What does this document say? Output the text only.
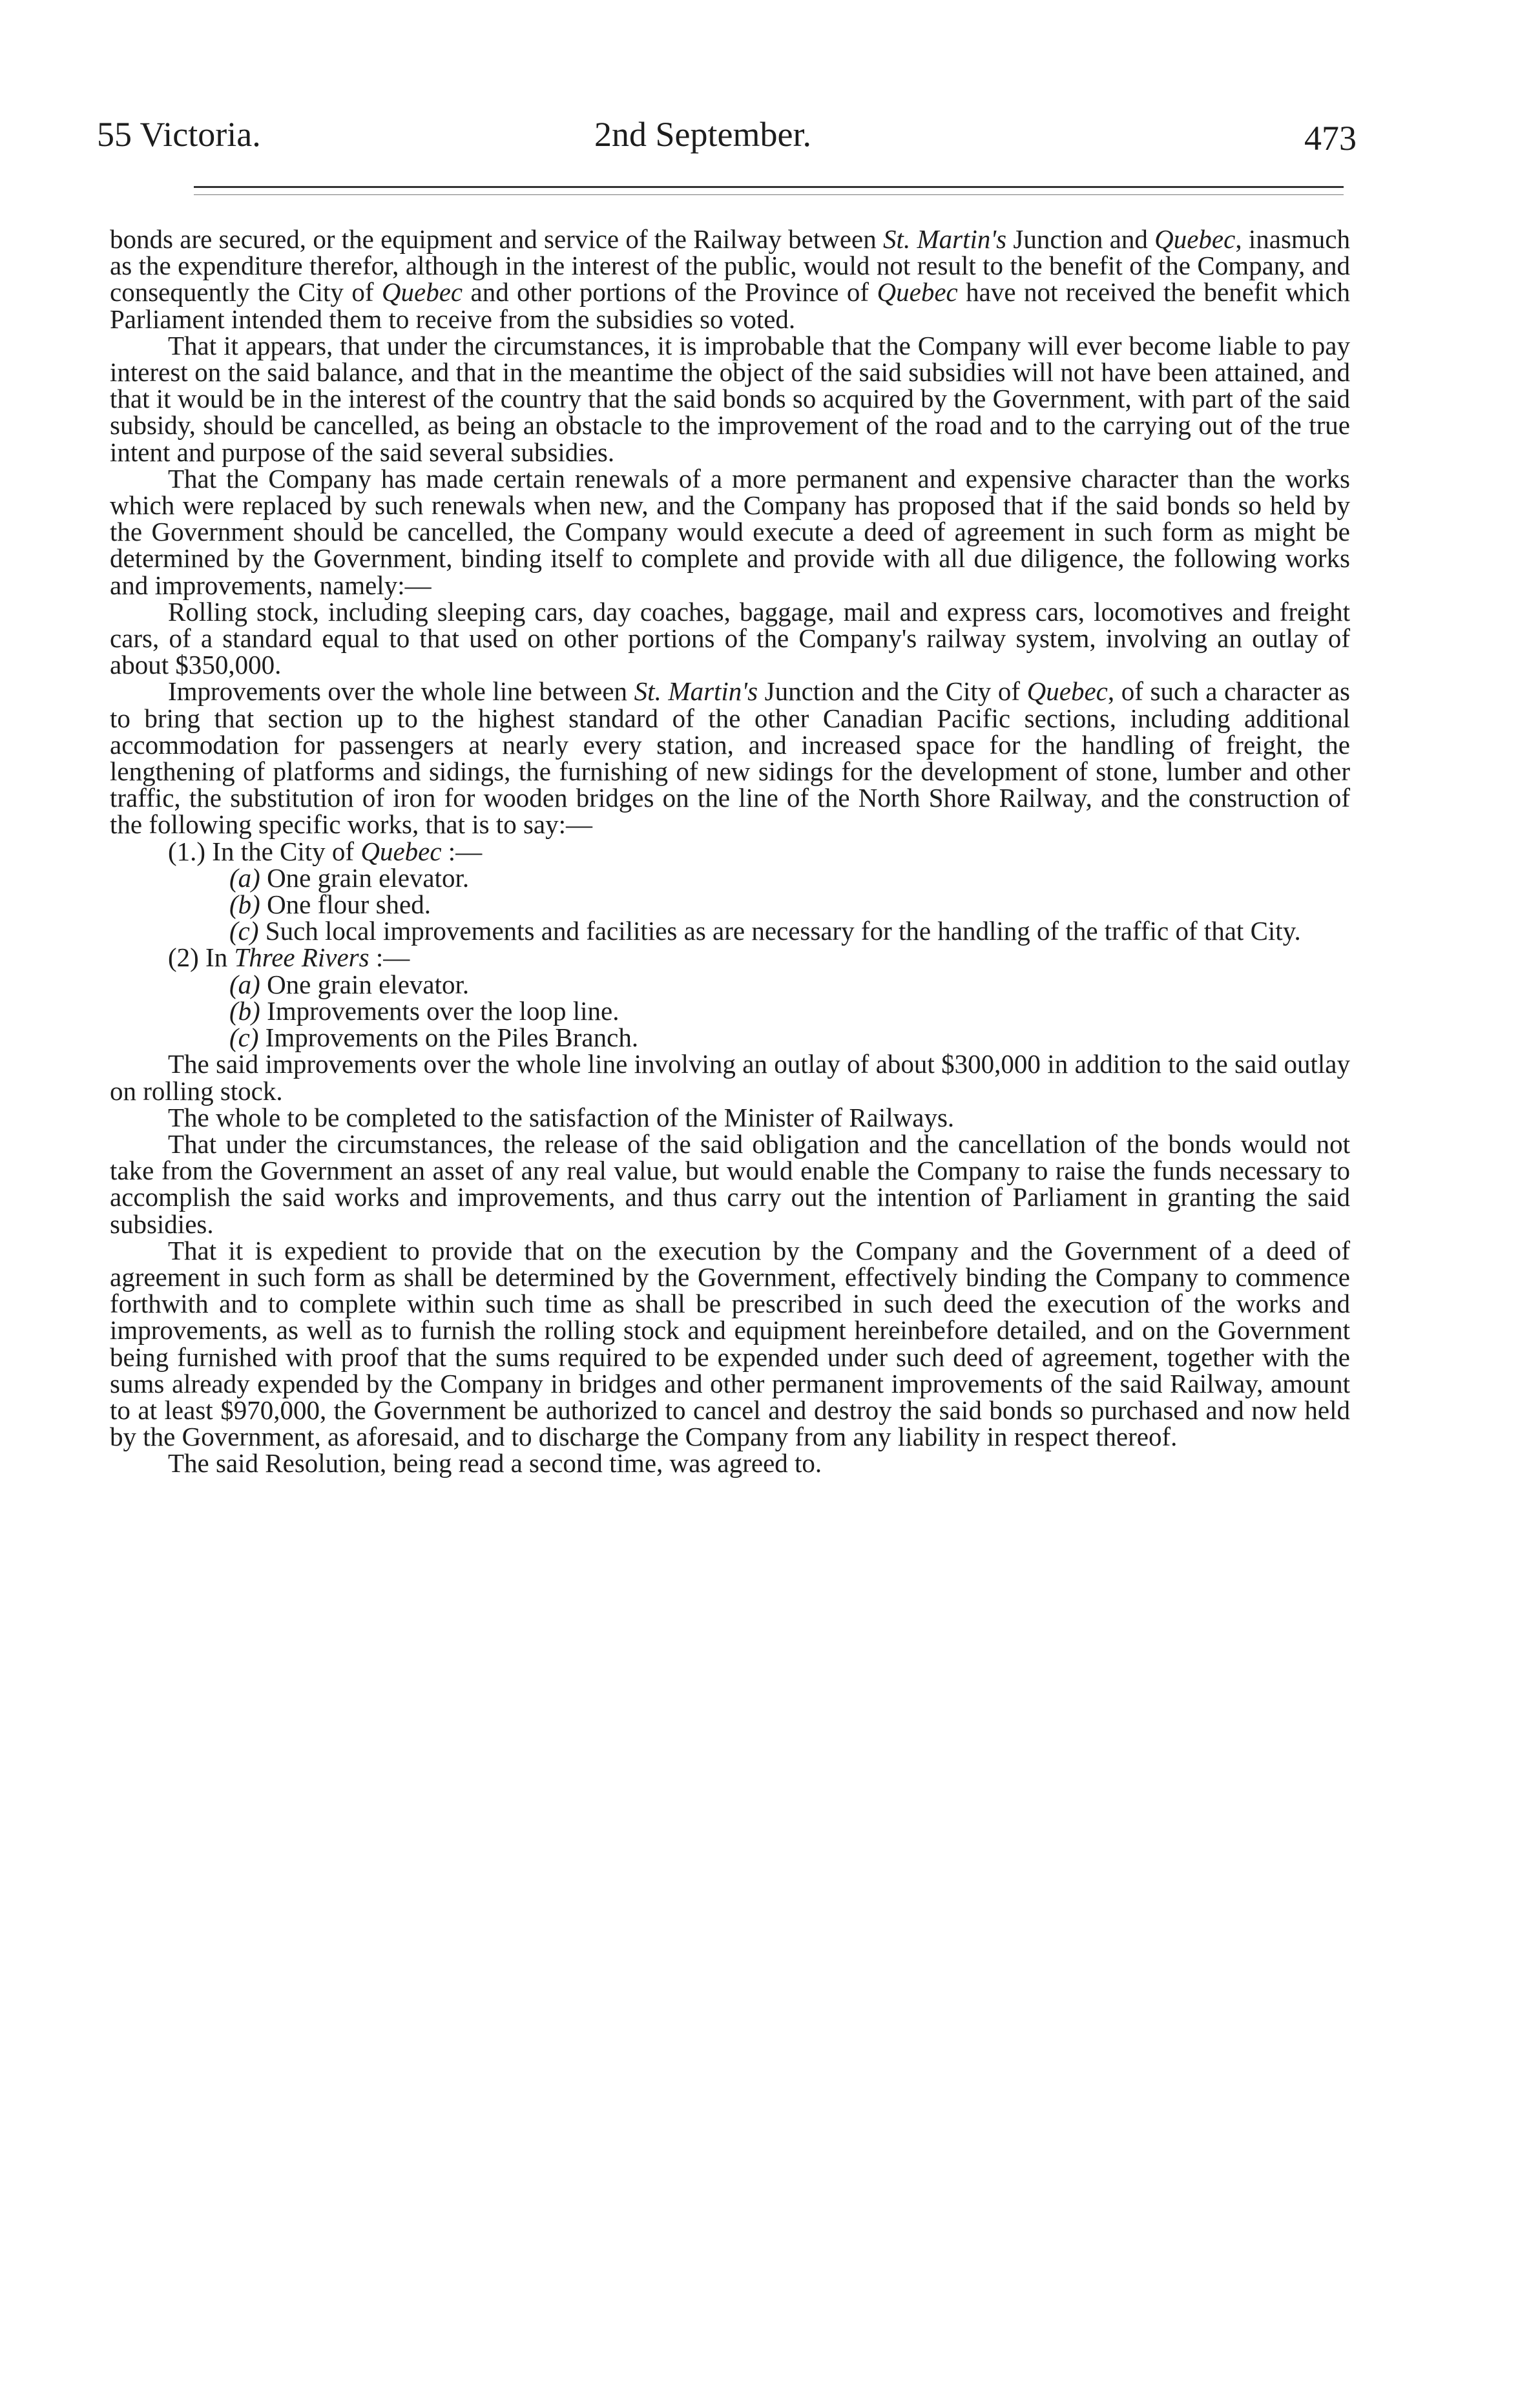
55 Victoria.	2nd September.	473

bonds are secured, or the equipment and service of the Railway between St. Martin's Junction and Quebec, inasmuch as the expenditure therefor, although in the interest of the public, would not result to the benefit of the Company, and consequently the City of Quebec and other portions of the Province of Quebec have not received the benefit which Parliament intended them to receive from the subsidies so voted.

That it appears, that under the circumstances, it is improbable that the Company will ever become liable to pay interest on the said balance, and that in the meantime the object of the said subsidies will not have been attained, and that it would be in the interest of the country that the said bonds so acquired by the Government, with part of the said subsidy, should be cancelled, as being an obstacle to the improvement of the road and to the carrying out of the true intent and purpose of the said several subsidies.

That the Company has made certain renewals of a more permanent and expensive character than the works which were replaced by such renewals when new, and the Company has proposed that if the said bonds so held by the Government should be cancelled, the Company would execute a deed of agreement in such form as might be determined by the Government, binding itself to complete and provide with all due diligence, the following works and improvements, namely:—

Rolling stock, including sleeping cars, day coaches, baggage, mail and express cars, locomotives and freight cars, of a standard equal to that used on other portions of the Company's railway system, involving an outlay of about $350,000.

Improvements over the whole line between St. Martin's Junction and the City of Quebec, of such a character as to bring that section up to the highest standard of the other Canadian Pacific sections, including additional accommodation for passengers at nearly every station, and increased space for the handling of freight, the lengthening of platforms and sidings, the furnishing of new sidings for the development of stone, lumber and other traffic, the substitution of iron for wooden bridges on the line of the North Shore Railway, and the construction of the following specific works, that is to say:—

(1.) In the City of Quebec :—
(a) One grain elevator.
(b) One flour shed.
(c) Such local improvements and facilities as are necessary for the handling of the traffic of that City.
(2) In Three Rivers :—
(a) One grain elevator.
(b) Improvements over the loop line.
(c) Improvements on the Piles Branch.

The said improvements over the whole line involving an outlay of about $300,000 in addition to the said outlay on rolling stock.

The whole to be completed to the satisfaction of the Minister of Railways.

That under the circumstances, the release of the said obligation and the cancellation of the bonds would not take from the Government an asset of any real value, but would enable the Company to raise the funds necessary to accomplish the said works and improvements, and thus carry out the intention of Parliament in granting the said subsidies.

That it is expedient to provide that on the execution by the Company and the Government of a deed of agreement in such form as shall be determined by the Government, effectively binding the Company to commence forthwith and to complete within such time as shall be prescribed in such deed the execution of the works and improvements, as well as to furnish the rolling stock and equipment hereinbefore detailed, and on the Government being furnished with proof that the sums required to be expended under such deed of agreement, together with the sums already expended by the Company in bridges and other permanent improvements of the said Railway, amount to at least $970,000, the Government be authorized to cancel and destroy the said bonds so purchased and now held by the Government, as aforesaid, and to discharge the Company from any liability in respect thereof.

The said Resolution, being read a second time, was agreed to.
